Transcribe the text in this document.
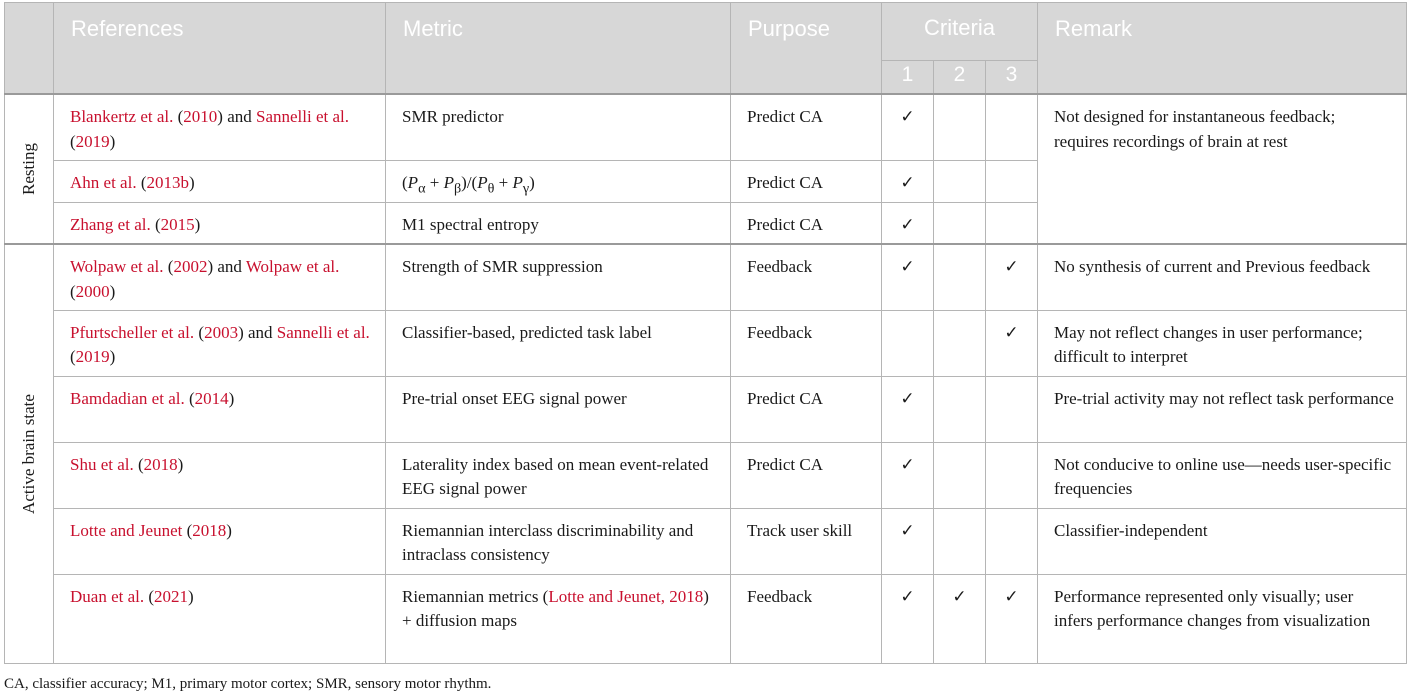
	References	Metric	Purpose	Criteria			Remark
				1	2	3	

Resting	Blankertz et al. (2010) and Sannelli et al. (2019)	SMR predictor	Predict CA	✓			Not designed for instantaneous feedback; requires recordings of brain at rest
	Ahn et al. (2013b)	$(P_\alpha + P_\beta)/(P_\theta + P_\gamma)$	Predict CA	✓			
	Zhang et al. (2015)	M1 spectral entropy	Predict CA	✓			

Active brain state	Wolpaw et al. (2002) and Wolpaw et al. (2000)	Strength of SMR suppression	Feedback	✓		✓	No synthesis of current and Previous feedback
	Pfurtscheller et al. (2003) and Sannelli et al. (2019)	Classifier-based, predicted task label	Feedback			✓	May not reflect changes in user performance; difficult to interpret
	Bamdadian et al. (2014)	Pre-trial onset EEG signal power	Predict CA	✓			Pre-trial activity may not reflect task performance
	Shu et al. (2018)	Laterality index based on mean event-related EEG signal power	Predict CA	✓			Not conducive to online use—needs user-specific frequencies
	Lotte and Jeunet (2018)	Riemannian interclass discriminability and intraclass consistency	Track user skill	✓			Classifier-independent
	Duan et al. (2021)	Riemannian metrics (Lotte and Jeunet, 2018) + diffusion maps	Feedback	✓	✓	✓	Performance represented only visually; user infers performance changes from visualization
CA, classifier accuracy; M1, primary motor cortex; SMR, sensory motor rhythm.
